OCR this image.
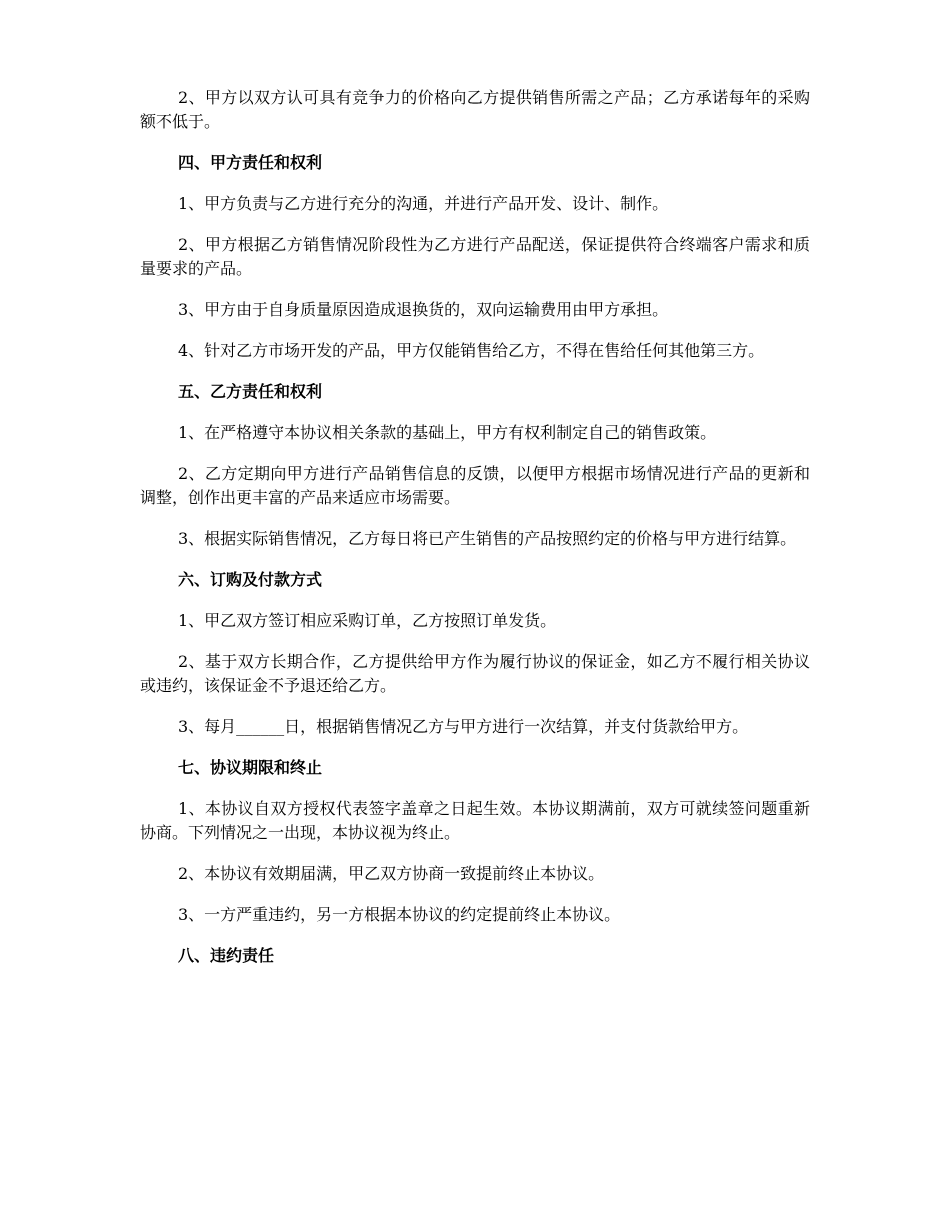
2、甲方以双方认可具有竞争力的价格向乙方提供销售所需之产品；乙方承诺每年的采购额不低于。

四、甲方责任和权利

1、甲方负责与乙方进行充分的沟通，并进行产品开发、设计、制作。

2、甲方根据乙方销售情况阶段性为乙方进行产品配送，保证提供符合终端客户需求和质量要求的产品。

3、甲方由于自身质量原因造成退换货的，双向运输费用由甲方承担。

4、针对乙方市场开发的产品，甲方仅能销售给乙方，不得在售给任何其他第三方。

五、乙方责任和权利

1、在严格遵守本协议相关条款的基础上，甲方有权利制定自己的销售政策。

2、乙方定期向甲方进行产品销售信息的反馈，以便甲方根据市场情况进行产品的更新和调整，创作出更丰富的产品来适应市场需要。

3、根据实际销售情况，乙方每日将已产生销售的产品按照约定的价格与甲方进行结算。

六、订购及付款方式

1、甲乙双方签订相应采购订单，乙方按照订单发货。

2、基于双方长期合作，乙方提供给甲方作为履行协议的保证金，如乙方不履行相关协议或违约，该保证金不予退还给乙方。

3、每月______日，根据销售情况乙方与甲方进行一次结算，并支付货款给甲方。

七、协议期限和终止

1、本协议自双方授权代表签字盖章之日起生效。本协议期满前，双方可就续签问题重新协商。下列情况之一出现，本协议视为终止。

2、本协议有效期届满，甲乙双方协商一致提前终止本协议。

3、一方严重违约，另一方根据本协议的约定提前终止本协议。

八、违约责任
